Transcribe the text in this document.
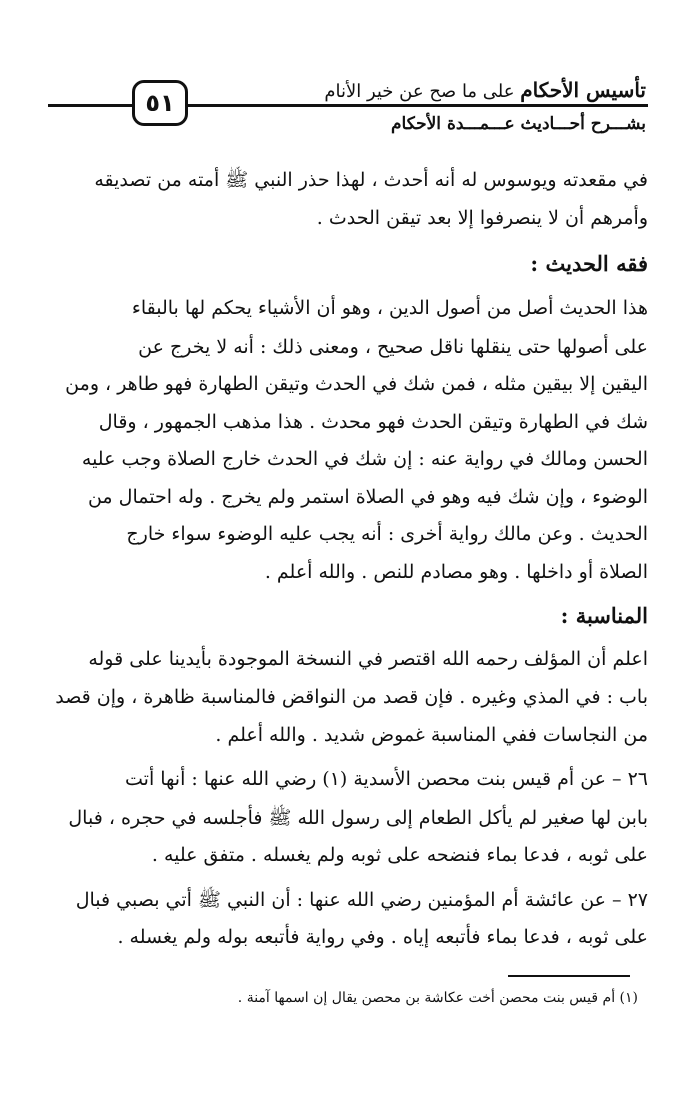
٥١	تأسيس الأحكام على ما صح عن خير الأنام
بشـــرح أحـــاديث عـــمـــدة الأحكام
في مقعدته ويوسوس له أنه أحدث ، لهذا حذر النبي ﷺ أمته من تصديقه
وأمرهم أن لا ينصرفوا إلا بعد تيقن الحدث .
فقه الحديث :
هذا الحديث أصل من أصول الدين ، وهو أن الأشياء يحكم لها بالبقاء
على أصولها حتى ينقلها ناقل صحيح ، ومعنى ذلك : أنه لا يخرج عن
اليقين إلا بيقين مثله ، فمن شك في الحدث وتيقن الطهارة فهو طاهر ، ومن
شك في الطهارة وتيقن الحدث فهو محدث . هذا مذهب الجمهور ، وقال
الحسن ومالك في رواية عنه : إن شك في الحدث خارج الصلاة وجب عليه
الوضوء ، وإن شك فيه وهو في الصلاة استمر ولم يخرج . وله احتمال من
الحديث . وعن مالك رواية أخرى : أنه يجب عليه الوضوء سواء خارج
الصلاة أو داخلها . وهو مصادم للنص . والله أعلم .
المناسبة :
اعلم أن المؤلف رحمه الله اقتصر في النسخة الموجودة بأيدينا على قوله
باب : في المذي وغيره . فإن قصد من النواقض فالمناسبة ظاهرة ، وإن قصد
من النجاسات ففي المناسبة غموض شديد . والله أعلم .
٢٦ – عن أم قيس بنت محصن الأسدية (١) رضي الله عنها : أنها أتت
بابن لها صغير لم يأكل الطعام إلى رسول الله ﷺ فأجلسه في حجره ، فبال
على ثوبه ، فدعا بماء فنضحه على ثوبه ولم يغسله . متفق عليه .
٢٧ – عن عائشة أم المؤمنين رضي الله عنها : أن النبي ﷺ أتي بصبي فبال
على ثوبه ، فدعا بماء فأتبعه إياه . وفي رواية فأتبعه بوله ولم يغسله .
(١) أم قيس بنت محصن أخت عكاشة بن محصن يقال إن اسمها آمنة .
